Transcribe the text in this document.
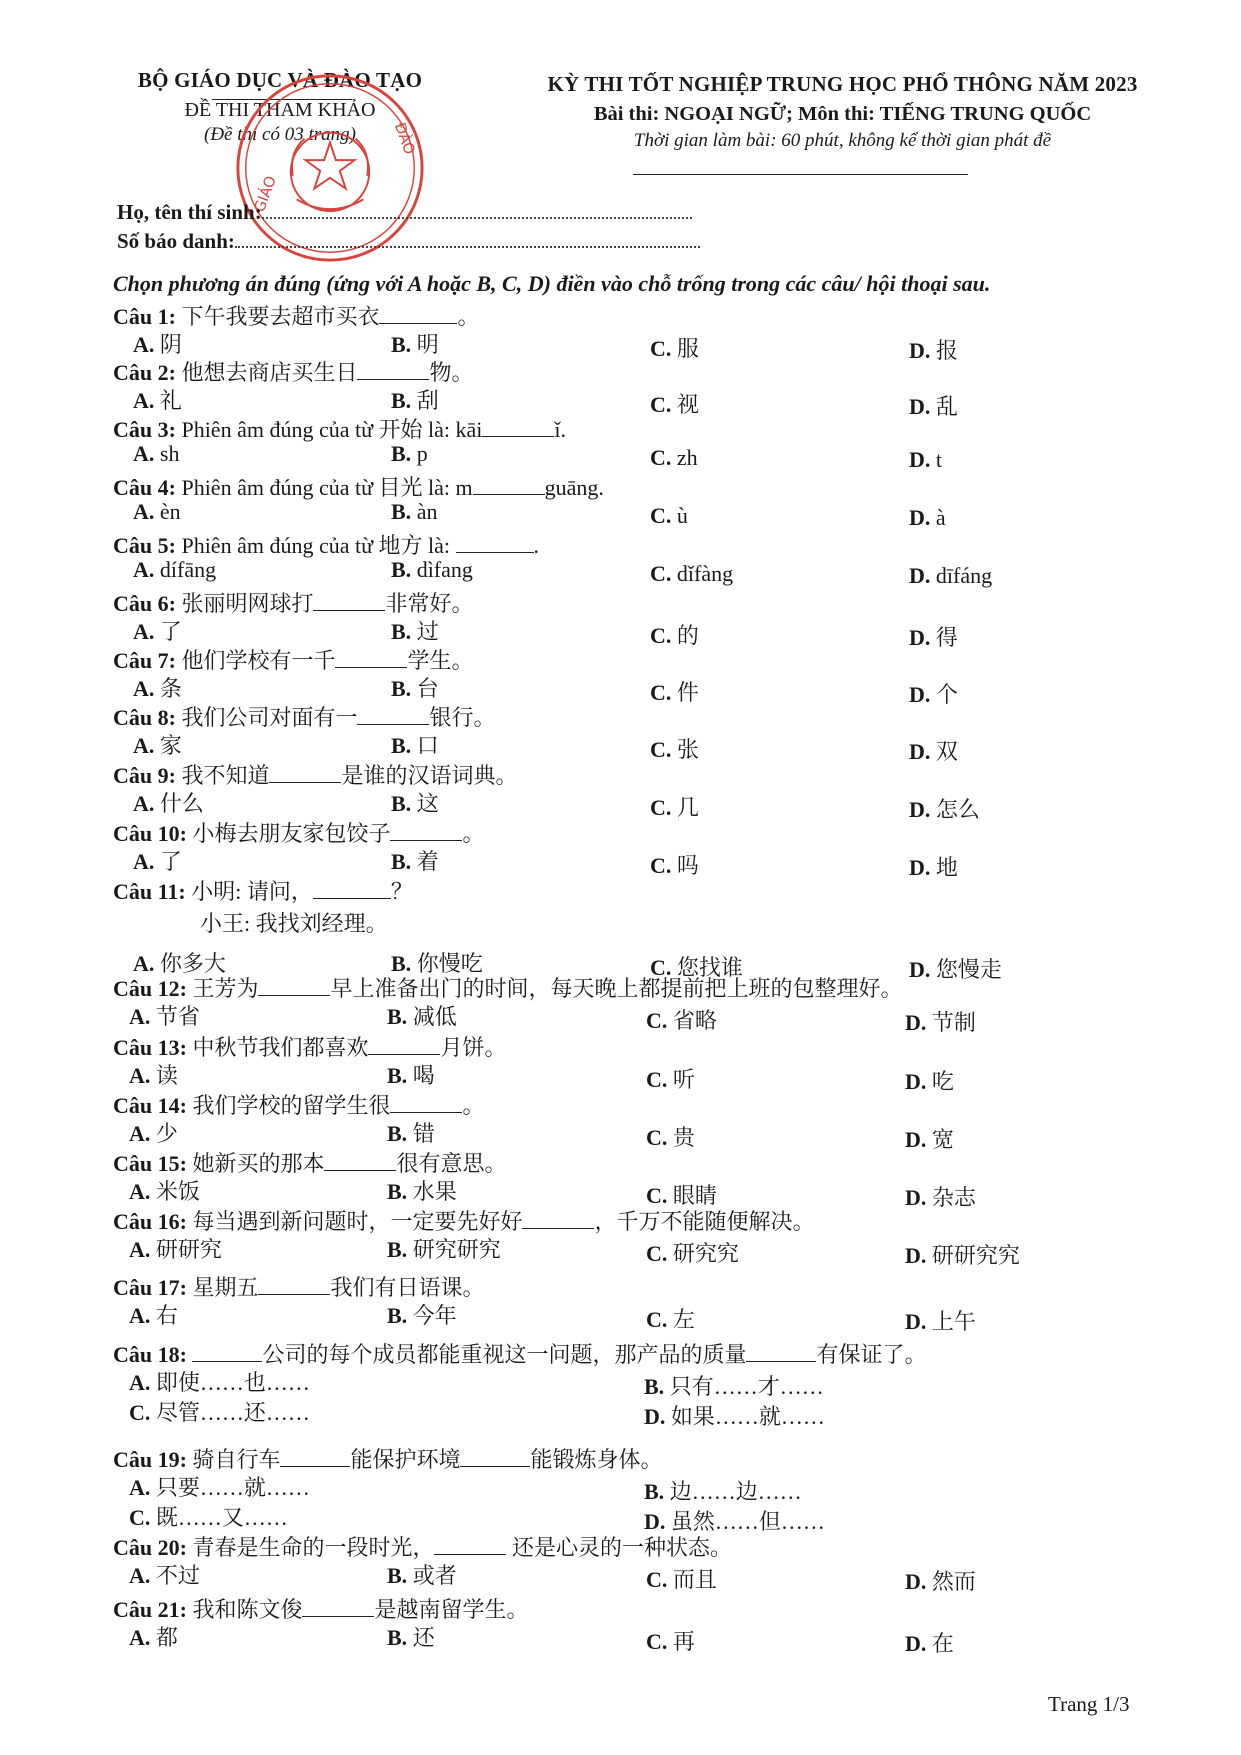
BỘ GIÁO DỤC VÀ ĐÀO TẠO
ĐỀ THI THAM KHẢO
(Đề thi có 03 trang)
KỲ THI TỐT NGHIỆP TRUNG HỌC PHỔ THÔNG NĂM 2023
Bài thi: NGOẠI NGỮ; Môn thi: TIẾNG TRUNG QUỐC
Thời gian làm bài: 60 phút, không kể thời gian phát đề
GIÁO
ĐÀO
Họ, tên thí sinh:
Số báo danh:
Chọn phương án đúng (ứng với A hoặc B, C, D) điền vào chỗ trống trong các câu/ hội thoại sau.
Câu 1: 下午我要去超市买衣	。
A. 阴	B. 明	C. 服	D. 报
Câu 2: 他想去商店买生日	物。
A. 礼	B. 刮	C. 视	D. 乱
Câu 3: Phiên âm đúng của từ 开始 là: kāi	ǐ.
A. sh	B. p	C. zh	D. t
Câu 4: Phiên âm đúng của từ 目光 là: m	guāng.
A. èn	B. àn	C. ù	D. à
Câu 5: Phiên âm đúng của từ 地方 là:	.
A. dífāng	B. dìfang	C. dǐfàng	D. dīfáng
Câu 6: 张丽明网球打	非常好。
A. 了	B. 过	C. 的	D. 得
Câu 7: 他们学校有一千	学生。
A. 条	B. 台	C. 件	D. 个
Câu 8: 我们公司对面有一	银行。
A. 家	B. 口	C. 张	D. 双
Câu 9: 我不知道	是谁的汉语词典。
A. 什么	B. 这	C. 几	D. 怎么
Câu 10: 小梅去朋友家包饺子	。
A. 了	B. 着	C. 吗	D. 地
Câu 11: 小明: 请问，	？
小王: 我找刘经理。
A. 你多大	B. 你慢吃	C. 您找谁	D. 您慢走
Câu 12: 王芳为	早上准备出门的时间，每天晚上都提前把上班的包整理好。
A. 节省	B. 减低	C. 省略	D. 节制
Câu 13: 中秋节我们都喜欢	月饼。
A. 读	B. 喝	C. 听	D. 吃
Câu 14: 我们学校的留学生很	。
A. 少	B. 错	C. 贵	D. 宽
Câu 15: 她新买的那本	很有意思。
A. 米饭	B. 水果	C. 眼睛	D. 杂志
Câu 16: 每当遇到新问题时，一定要先好好	，千万不能随便解决。
A. 研研究	B. 研究研究	C. 研究究	D. 研研究究
Câu 17: 星期五	我们有日语课。
A. 右	B. 今年	C. 左	D. 上午
Câu 18:	公司的每个成员都能重视这一问题，那产品的质量	有保证了。
A. 即使……也……	B. 只有……才……
C. 尽管……还……	D. 如果……就……
Câu 19: 骑自行车	能保护环境	能锻炼身体。
A. 只要……就……	B. 边……边……
C. 既……又……	D. 虽然……但……
Câu 20: 青春是生命的一段时光，	还是心灵的一种状态。
A. 不过	B. 或者	C. 而且	D. 然而
Câu 21: 我和陈文俊	是越南留学生。
A. 都	B. 还	C. 再	D. 在
Trang 1/3
